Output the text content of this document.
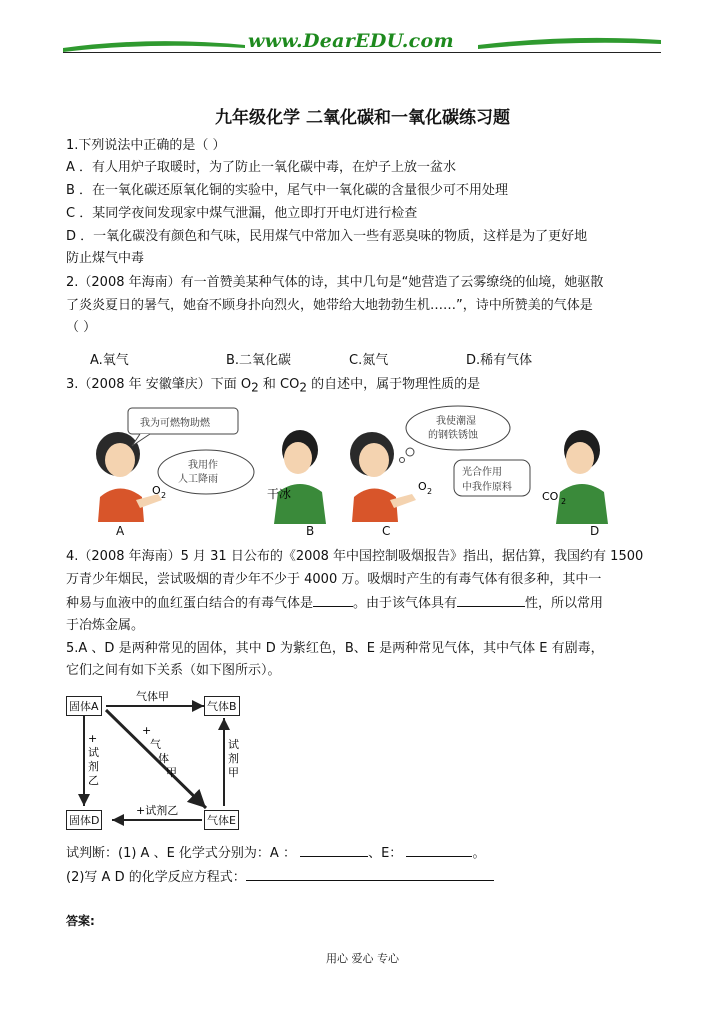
www.DearEDU.com
九年级化学 二氧化碳和一氧化碳练习题
1.下列说法中正确的是（ ）
A ．有人用炉子取暖时，为了防止一氧化碳中毒，在炉子上放一盆水
B ．在一氧化碳还原氧化铜的实验中，尾气中一氧化碳的含量很少可不用处理
C ．某同学夜间发现家中煤气泄漏，他立即打开电灯进行检查
D ．一氧化碳没有颜色和气味，民用煤气中常加入一些有恶臭味的物质，这样是为了更好地
防止煤气中毒
2.（2008 年海南）有一首赞美某种气体的诗，其中几句是“她营造了云雾缭绕的仙境，她驱散
了炎炎夏日的暑气，她奋不顾身扑向烈火，她带给大地勃勃生机……”，诗中所赞美的气体是
（ ）
A.氧气	B.二氧化碳	C.氮气	D.稀有气体
3.（2008 年 安徽肇庆）下面 $O_2$ 和 $CO_2$ 的自述中，属于物理性质的是
我为可燃物助燃
O 2
我用作
人工降雨
干冰
我使潮湿
的钢铁锈蚀
O 2
光合作用
中我作原料
CO 2
A	B	C	D
4.（2008 年海南）5 月 31 日公布的《2008 年中国控制吸烟报告》指出，据估算，我国约有 1500
万青少年烟民，尝试吸烟的青少年不少于 4000 万。吸烟时产生的有毒气体有很多种，其中一
种易与血液中的血红蛋白结合的有毒气体是	。由于该气体具有	性，所以常用
于冶炼金属。
5.A 、D 是两种常见的固体，其中 D 为紫红色，B、E 是两种常见气体，其中气体 E 有剧毒，
它们之间有如下关系（如下图所示）。
气体甲
+
气
体
甲
+
试
剂
乙
试
剂
甲
+试剂乙
固体A	气体B
固体D	气体E
试判断：(1) A 、E 化学式分别为：A ：	、E：	。
(2)写 A D 的化学反应方程式：
答案:
用心 爱心 专心
